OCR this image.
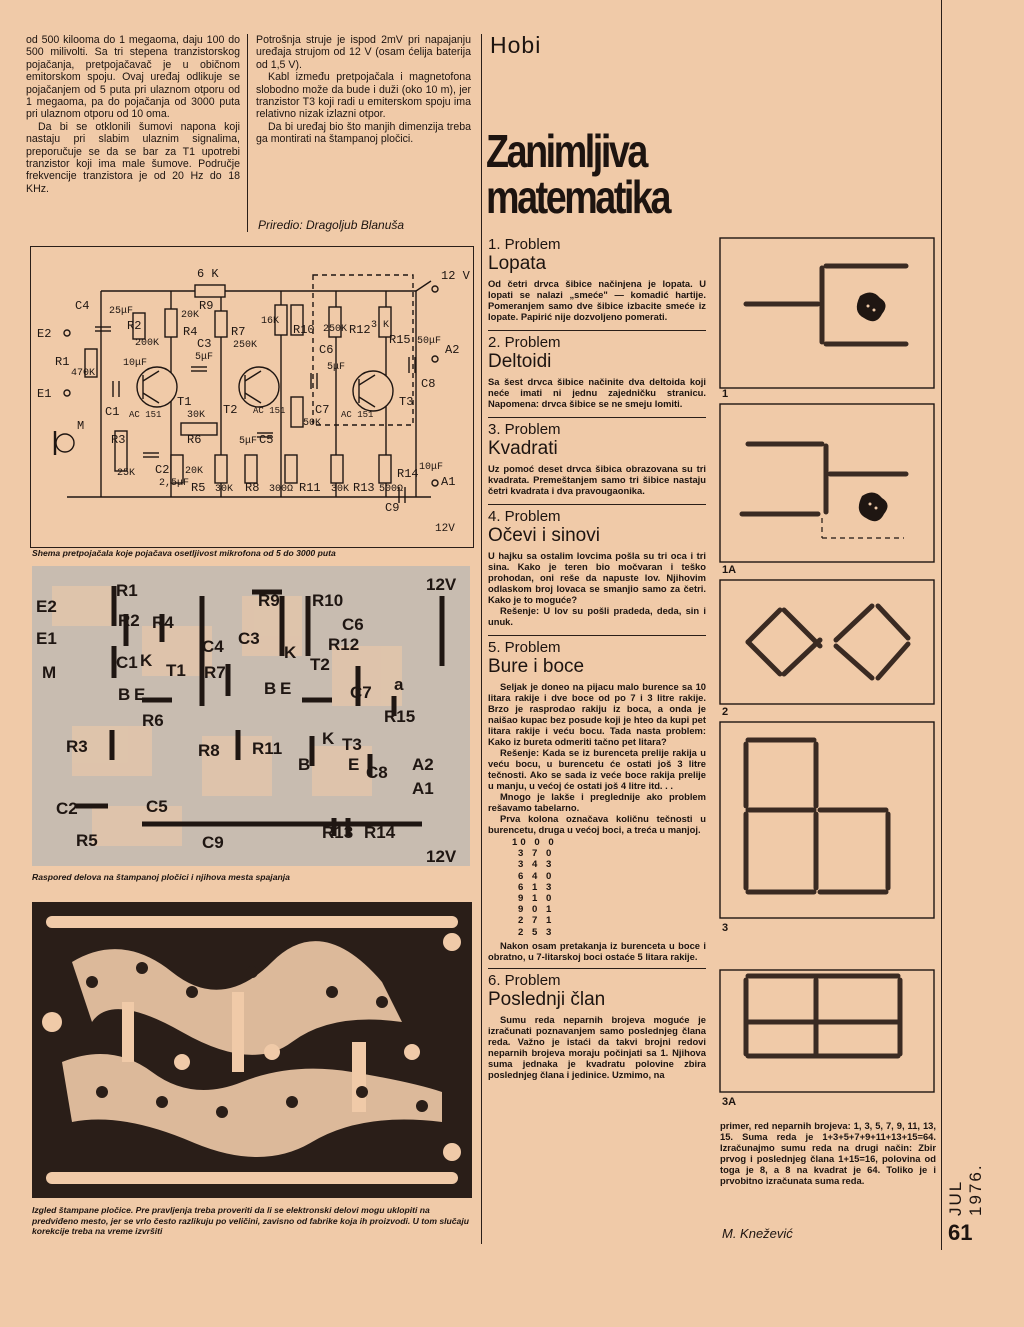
od 500 kilooma do 1 megaoma, daju 100 do 500 milivolti. Sa tri stepena tranzistorskog pojačanja, pretpojačavač je u običnom emitorskom spoju. Ovaj uređaj odlikuje se pojačanjem od 5 puta pri ulaznom otporu od 1 megaoma, pa do pojačanja od 3000 puta pri ulaznom otporu od 10 oma.

Da bi se otklonili šumovi napona koji nastaju pri slabim ulaznim signalima, preporučuje se da se bar za T1 upotrebi tranzistor koji ima male šumove. Područje frekvencije tranzistora je od 20 Hz do 18 KHz.

Potrošnja struje je ispod 2mV pri napajanju uređaja strujom od 12 V (osam ćelija baterija od 1,5 V).

Kabl između pretpojačala i magnetofona slobodno može da bude i duži (oko 10 m), jer tranzistor T3 koji radi u emiterskom spoju ima relativno nizak izlazni otpor.

Da bi uređaj bio što manjih dimenzija treba ga montirati na štampanoj pločici.

Priredio: Dragoljub Blanuša
6 K
R9
12 V
C4 25μF	20K
R2
200K
R4	R7
250K
16K
R10 250K R12 3 K
R15 50μF
E2
R1
470K
10μF
5μF
C3	C6
5μF
A2
E1
T1
T2
T3
C8
C1 AC 151	30K	AC 151	AC 151
50K
C7
M
R3
25K
R6	5μF C5
C2
2,5μF
20K
R5 30K R8 300Ω R11 30K R13 500Ω
R14 10μF
A1
C9
12V
Shema pretpojačala koje pojačava osetljivost mikrofona od 5 do 3000 puta
E2
R1
R9 R10
12V
E1
R2 R4
C4 C3
C6
M
C1 K
T1
R12
R7
K
T2
B E	B E	C7 a
R6	R15
R3	R8 R11
K T3
B E C8 A2
A1
C2	C5
R5	C9
R13 R14
12V
Raspored delova na štampanoj pločici i njihova mesta spajanja
Izgled štampane pločice. Pre pravljenja treba proveriti da li se elektronski delovi mogu uklopiti na predviđeno mesto, jer se vrlo često razlikuju po veličini, zavisno od fabrike koja ih proizvodi. U tom slučaju korekcije treba na vreme izvršiti
Hobi
Zanimljiva
matematika
1. Problem
Lopata

Od četri drvca šibice načinjena je lopata. U lopati se nalazi „smeće" — komadić hartije. Pomeranjem samo dve šibice izbacite smeće iz lopate. Papirić nije dozvoljeno pomerati.

2. Problem
Deltoidi

Sa šest drvca šibice načinite dva deltoida koji neće imati ni jednu zajedničku stranicu. Napomena: drvca šibice se ne smeju lomiti.

3. Problem
Kvadrati

Uz pomoć deset drvca šibica obrazovana su tri kvadrata. Premeštanjem samo tri šibice nastaju četri kvadrata i dva pravougaonika.

4. Problem
Očevi i sinovi

U hajku sa ostalim lovcima pošla su tri oca i tri sina. Kako je teren bio močvaran i teško prohodan, oni reše da napuste lov. Njihovim odlaskom broj lovaca se smanjio samo za četri. Kako je to moguće?

Rešenje: U lov su pošli pradeda, deda, sin i unuk.

5. Problem
Bure i boce

Seljak je doneo na pijacu malo burence sa 10 litara rakije i dve boce od po 7 i 3 litre rakije. Brzo je rasprodao rakiju iz boca, a onda je naišao kupac bez posude koji je hteo da kupi pet litara rakije i veću bocu. Tada nasta problem: Kako iz bureta odmeriti tačno pet litara?

Rešenje: Kada se iz burenceta prelije rakija u veću bocu, u burencetu će ostati još 3 litre tečnosti. Ako se sada iz veće boce rakija prelije u manju, u većoj će ostati još 4 litre itd. . .

Mnogo je lakše i preglednije ako problem rešavamo tabelarno.

Prva kolona označava količnu tečnosti u burencetu, druga u većoj boci, a treća u manjoj.

10 0 0
3 7 0
3 4 3
6 4 0
6 1 3
9 1 0
9 0 1
2 7 1
2 5 3

Nakon osam pretakanja iz burenceta u boce i obratno, u 7-litarskoj boci ostaće 5 litara rakije.

6. Problem
Poslednji član

Sumu reda neparnih brojeva moguće je izračunati poznavanjem samo poslednjeg člana reda. Važno je istaći da takvi brojni redovi neparnih brojeva moraju počinjati sa 1. Njihova suma jednaka je kvadratu polovine zbira poslednjeg člana i jedinice. Uzmimo, na

1
1A
2
3
3A
primer, red neparnih brojeva: 1, 3, 5, 7, 9, 11, 13, 15. Suma reda je 1+3+5+7+9+11+13+15=64. Izračunajmo sumu reda na drugi način: Zbir prvog i poslednjeg člana 1+15=16, polovina od toga je 8, a 8 na kvadrat je 64. Toliko je i prvobitno izračunata suma reda.
M. Knežević
JUL 1976.
61
